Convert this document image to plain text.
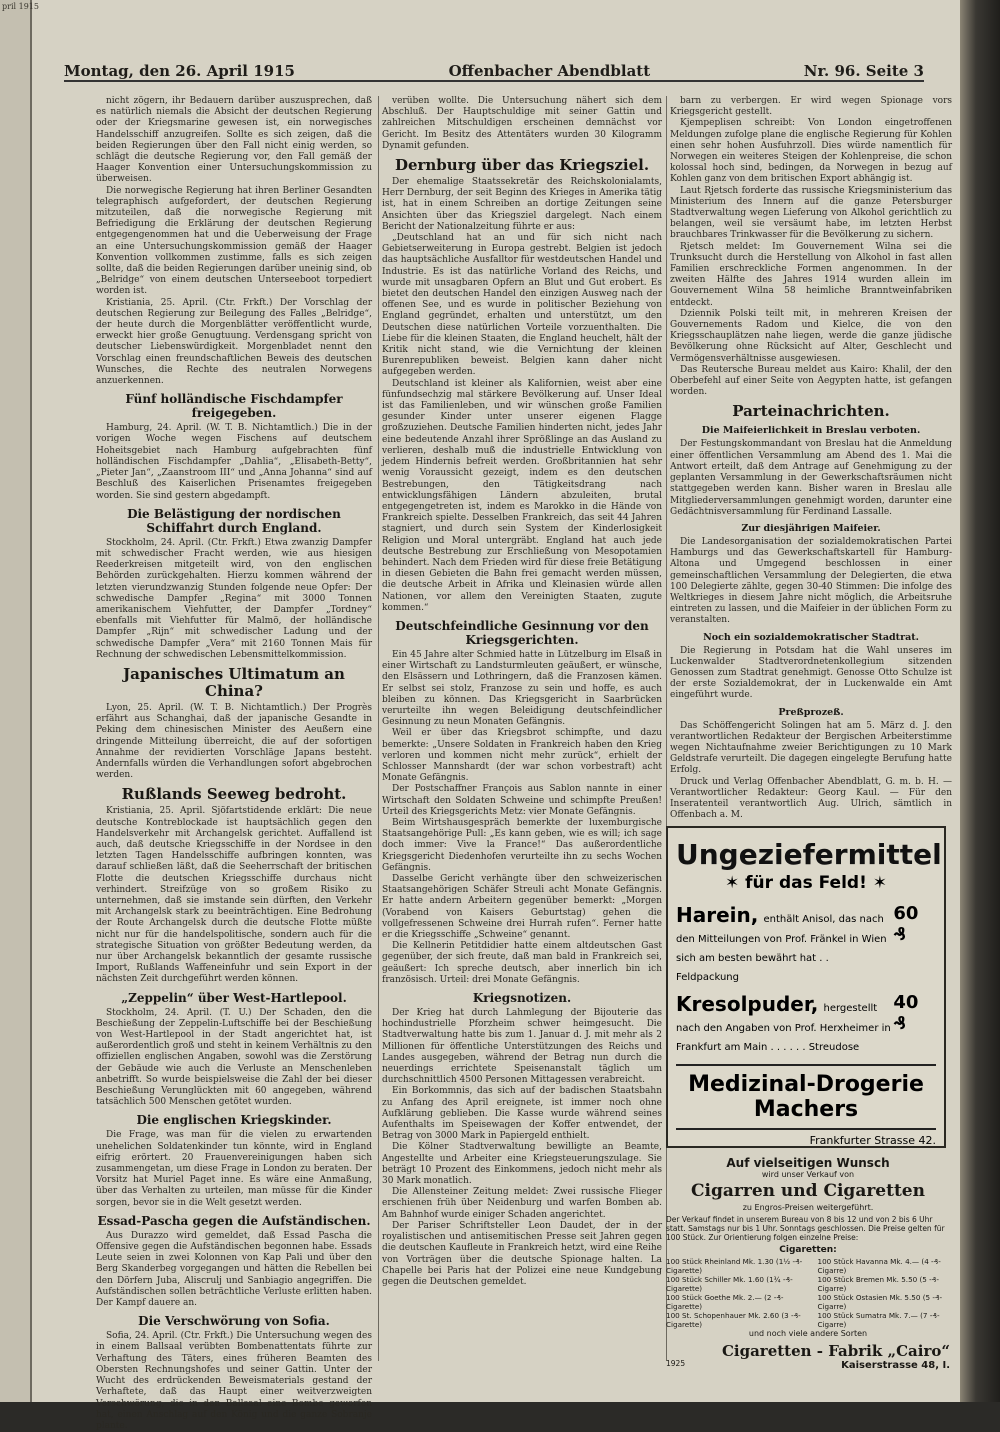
pril 1915
Montag, den 26. April 1915	Offenbacher Abendblatt	Nr. 96. Seite 3
nicht zögern, ihr Bedauern darüber auszusprechen, daß es natürlich niemals die Absicht der deutschen Regierung oder der Kriegsmarine gewesen ist, ein norwegisches Handelsschiff anzugreifen. Sollte es sich zeigen, daß die beiden Regierungen über den Fall nicht einig werden, so schlägt die deutsche Regierung vor, den Fall gemäß der Haager Konvention einer Untersuchungskommission zu überweisen.
Die norwegische Regierung hat ihren Berliner Gesandten telegraphisch aufgefordert, der deutschen Regierung mitzuteilen, daß die norwegische Regierung mit Befriedigung die Erklärung der deutschen Regierung entgegengenommen hat und die Ueberweisung der Frage an eine Untersuchungskommission gemäß der Haager Konvention vollkommen zustimme, falls es sich zeigen sollte, daß die beiden Regierungen darüber uneinig sind, ob „Belridge“ von einem deutschen Unterseeboot torpediert worden ist.
Kristiania, 25. April. (Ctr. Frkft.) Der Vorschlag der deutschen Regierung zur Beilegung des Falles „Belridge“, der heute durch die Morgenblätter veröffentlicht wurde, erweckt hier große Genugtuung. Verdensgang spricht von deutscher Liebenswürdigkeit. Morgenbladet nennt den Vorschlag einen freundschaftlichen Beweis des deutschen Wunsches, die Rechte des neutralen Norwegens anzuerkennen.
Fünf holländische Fischdampfer freigegeben.
Hamburg, 24. April. (W. T. B. Nichtamtlich.) Die in der vorigen Woche wegen Fischens auf deutschem Hoheitsgebiet nach Hamburg aufgebrachten fünf holländischen Fischdampfer „Dahlia“, „Elisabeth-Betty“, „Pieter Jan“, „Zaanstroom III“ und „Anna Johanna“ sind auf Beschluß des Kaiserlichen Prisenamtes freigegeben worden. Sie sind gestern abgedampft.
Die Belästigung der nordischen Schiffahrt durch England.
Stockholm, 24. April. (Ctr. Frkft.) Etwa zwanzig Dampfer mit schwedischer Fracht werden, wie aus hiesigen Reederkreisen mitgeteilt wird, von den englischen Behörden zurückgehalten. Hierzu kommen während der letzten vierundzwanzig Stunden folgende neue Opfer: Der schwedische Dampfer „Regina“ mit 3000 Tonnen amerikanischem Viehfutter, der Dampfer „Tordney“ ebenfalls mit Viehfutter für Malmö, der holländische Dampfer „Rijn“ mit schwedischer Ladung und der schwedische Dampfer „Vera“ mit 2160 Tonnen Mais für Rechnung der schwedischen Lebensmittelkommission.
Japanisches Ultimatum an China?
Lyon, 25. April. (W. T. B. Nichtamtlich.) Der Progrès erfährt aus Schanghai, daß der japanische Gesandte in Peking dem chinesischen Minister des Aeußern eine dringende Mitteilung überreicht, die auf der sofortigen Annahme der revidierten Vorschläge Japans besteht. Andernfalls würden die Verhandlungen sofort abgebrochen werden.
Rußlands Seeweg bedroht.
Kristiania, 25. April. Sjöfartstidende erklärt: Die neue deutsche Kontreblockade ist hauptsächlich gegen den Handelsverkehr mit Archangelsk gerichtet. Auffallend ist auch, daß deutsche Kriegsschiffe in der Nordsee in den letzten Tagen Handelsschiffe aufbringen konnten, was darauf schließen läßt, daß die Seeherrschaft der britischen Flotte die deutschen Kriegsschiffe durchaus nicht verhindert. Streifzüge von so großem Risiko zu unternehmen, daß sie imstande sein dürften, den Verkehr mit Archangelsk stark zu beeinträchtigen. Eine Bedrohung der Route Archangelsk durch die deutsche Flotte müßte nicht nur für die handelspolitische, sondern auch für die strategische Situation von größter Bedeutung werden, da nur über Archangelsk bekanntlich der gesamte russische Import, Rußlands Waffeneinfuhr und sein Export in der nächsten Zeit durchgeführt werden können.
„Zeppelin“ über West-Hartlepool.
Stockholm, 24. April. (T. U.) Der Schaden, den die Beschießung der Zeppelin-Luftschiffe bei der Beschießung von West-Hartlepool in der Stadt angerichtet hat, ist außerordentlich groß und steht in keinem Verhältnis zu den offiziellen englischen Angaben, sowohl was die Zerstörung der Gebäude wie auch die Verluste an Menschenleben anbetrifft. So wurde beispielsweise die Zahl der bei dieser Beschießung Verunglückten mit 60 angegeben, während tatsächlich 500 Menschen getötet wurden.
Die englischen Kriegskinder.
Die Frage, was man für die vielen zu erwartenden unehelichen Soldatenkinder tun könnte, wird in England eifrig erörtert. 20 Frauenvereinigungen haben sich zusammengetan, um diese Frage in London zu beraten. Der Vorsitz hat Muriel Paget inne. Es wäre eine Anmaßung, über das Verhalten zu urteilen, man müsse für die Kinder sorgen, bevor sie in die Welt gesetzt werden.
Essad-Pascha gegen die Aufständischen.
Aus Durazzo wird gemeldet, daß Essad Pascha die Offensive gegen die Aufständischen begonnen habe. Essads Leute seien in zwei Kolonnen von Kap Pali und über den Berg Skanderbeg vorgegangen und hätten die Rebellen bei den Dörfern Juba, Aliscrulj und Sanbiagio angegriffen. Die Aufständischen sollen beträchtliche Verluste erlitten haben. Der Kampf dauere an.
Die Verschwörung von Sofia.
Sofia, 24. April. (Ctr. Frkft.) Die Untersuchung wegen des in einem Ballsaal verübten Bombenattentats führte zur Verhaftung des Täters, eines früheren Beamten des Obersten Rechnungshofes und seiner Gattin. Unter der Wucht des erdrückenden Beweismaterials gestand der Verhaftete, daß das Haupt einer weitverzweigten Verschwörung, die in den Ballsaal eine Bombe geworfen hat, einen Anschlag auf den König und die ganze Sobranje plante.
verüben wollte. Die Untersuchung nähert sich dem Abschluß. Der Hauptschuldige mit seiner Gattin und zahlreichen Mitschuldigen erscheinen demnächst vor Gericht. Im Besitz des Attentäters wurden 30 Kilogramm Dynamit gefunden.
Dernburg über das Kriegsziel.
Der ehemalige Staatssekretär des Reichskolonialamts, Herr Dernburg, der seit Beginn des Krieges in Amerika tätig ist, hat in einem Schreiben an dortige Zeitungen seine Ansichten über das Kriegsziel dargelegt. Nach einem Bericht der Nationalzeitung führte er aus:
„Deutschland hat an und für sich nicht nach Gebietserweiterung in Europa gestrebt. Belgien ist jedoch das hauptsächliche Ausfalltor für westdeutschen Handel und Industrie. Es ist das natürliche Vorland des Reichs, und wurde mit unsagbaren Opfern an Blut und Gut erobert. Es bietet den deutschen Handel den einzigen Ausweg nach der offenen See, und es wurde in politischer Beziehung von England gegründet, erhalten und unterstützt, um den Deutschen diese natürlichen Vorteile vorzuenthalten. Die Liebe für die kleinen Staaten, die England heuchelt, hält der Kritik nicht stand, wie die Vernichtung der kleinen Burenrepubliken beweist. Belgien kann daher nicht aufgegeben werden.
Deutschland ist kleiner als Kalifornien, weist aber eine fünfundsechzig mal stärkere Bevölkerung auf. Unser Ideal ist das Familienleben, und wir wünschen große Familien gesunder Kinder unter unserer eigenen Flagge großzuziehen. Deutsche Familien hinderten nicht, jedes Jahr eine bedeutende Anzahl ihrer Sprößlinge an das Ausland zu verlieren, deshalb muß die industrielle Entwicklung von jedem Hindernis befreit werden. Großbritannien hat sehr wenig Voraussicht gezeigt, indem es den deutschen Bestrebungen, den Tätigkeitsdrang nach entwicklungsfähigen Ländern abzuleiten, brutal entgegengetreten ist, indem es Marokko in die Hände von Frankreich spielte. Desselben Frankreich, das seit 44 Jahren stagniert, und durch sein System der Kinderlosigkeit Religion und Moral untergräbt. England hat auch jede deutsche Bestrebung zur Erschließung von Mesopotamien behindert. Nach dem Frieden wird für diese freie Betätigung in diesen Gebieten die Bahn frei gemacht werden müssen, die deutsche Arbeit in Afrika und Kleinasien würde allen Nationen, vor allem den Vereinigten Staaten, zugute kommen.“
Deutschfeindliche Gesinnung vor den Kriegsgerichten.
Ein 45 Jahre alter Schmied hatte in Lützelburg im Elsaß in einer Wirtschaft zu Landsturmleuten geäußert, er wünsche, den Elsässern und Lothringern, daß die Franzosen kämen. Er selbst sei stolz, Franzose zu sein und hoffe, es auch bleiben zu können. Das Kriegsgericht in Saarbrücken verurteilte ihn wegen Beleidigung deutschfeindlicher Gesinnung zu neun Monaten Gefängnis.
Weil er über das Kriegsbrot schimpfte, und dazu bemerkte: „Unsere Soldaten in Frankreich haben den Krieg verloren und kommen nicht mehr zurück“, erhielt der Schlosser Mannshardt (der war schon vorbestraft) acht Monate Gefängnis.
Der Postschaffner François aus Sablon nannte in einer Wirtschaft den Soldaten Schweine und schimpfte Preußen! Urteil des Kriegsgerichts Metz: vier Monate Gefängnis.
Beim Wirtshausgespräch bemerkte der luxemburgische Staatsangehörige Pull: „Es kann geben, wie es will; ich sage doch immer: Vive la France!“ Das außerordentliche Kriegsgericht Diedenhofen verurteilte ihn zu sechs Wochen Gefängnis.
Dasselbe Gericht verhängte über den schweizerischen Staatsangehörigen Schäfer Streuli acht Monate Gefängnis. Er hatte andern Arbeitern gegenüber bemerkt: „Morgen (Vorabend von Kaisers Geburtstag) gehen die vollgefressenen Schweine drei Hurrah rufen“. Ferner hatte er die Kriegsschiffe „Schweine“ genannt.
Die Kellnerin Petitdidier hatte einem altdeutschen Gast gegenüber, der sich freute, daß man bald in Frankreich sei, geäußert: Ich spreche deutsch, aber innerlich bin ich französisch. Urteil: drei Monate Gefängnis.
Kriegsnotizen.
Der Krieg hat durch Lahmlegung der Bijouterie das hochindustrielle Pforzheim schwer heimgesucht. Die Stadtverwaltung hatte bis zum 1. Januar d. J. mit mehr als 2 Millionen für öffentliche Unterstützungen des Reichs und Landes ausgegeben, während der Betrag nun durch die neuerdings errichtete Speisenanstalt täglich um durchschnittlich 4500 Personen Mittagessen verabreicht.
Ein Borkommnis, das sich auf der badischen Staatsbahn zu Anfang des April ereignete, ist immer noch ohne Aufklärung geblieben. Die Kasse wurde während seines Aufenthalts im Speisewagen der Koffer entwendet, der Betrag von 3000 Mark in Papiergeld enthielt.
Die Kölner Stadtverwaltung bewilligte an Beamte, Angestellte und Arbeiter eine Kriegsteuerungszulage. Sie beträgt 10 Prozent des Einkommens, jedoch nicht mehr als 30 Mark monatlich.
Die Allensteiner Zeitung meldet: Zwei russische Flieger erschienen früh über Neidenburg und warfen Bomben ab. Am Bahnhof wurde einiger Schaden angerichtet.
Der Pariser Schriftsteller Leon Daudet, der in der royalistischen und antisemitischen Presse seit Jahren gegen die deutschen Kaufleute in Frankreich hetzt, wird eine Reihe von Vorträgen über die deutsche Spionage halten. La Chapelle bei Paris hat der Polizei eine neue Kundgebung gegen die Deutschen gemeldet.
barn zu verbergen. Er wird wegen Spionage vors Kriegsgericht gestellt.
Kjempeplisen schreibt: Von London eingetroffenen Meldungen zufolge plane die englische Regierung für Kohlen einen sehr hohen Ausfuhrzoll. Dies würde namentlich für Norwegen ein weiteres Steigen der Kohlenpreise, die schon kolossal hoch sind, bedingen, da Norwegen in bezug auf Kohlen ganz von dem britischen Export abhängig ist.
Laut Rjetsch forderte das russische Kriegsministerium das Ministerium des Innern auf die ganze Petersburger Stadtverwaltung wegen Lieferung von Alkohol gerichtlich zu belangen, weil sie versäumt habe, im letzten Herbst brauchbares Trinkwasser für die Bevölkerung zu sichern.
Rjetsch meldet: Im Gouvernement Wilna sei die Trunksucht durch die Herstellung von Alkohol in fast allen Familien erschreckliche Formen angenommen. In der zweiten Hälfte des Jahres 1914 wurden allein im Gouvernement Wilna 58 heimliche Branntweinfabriken entdeckt.
Dziennik Polski teilt mit, in mehreren Kreisen der Gouvernements Radom und Kielce, die von den Kriegsschauplätzen nahe liegen, werde die ganze jüdische Bevölkerung ohne Rücksicht auf Alter, Geschlecht und Vermögensverhältnisse ausgewiesen.
Das Reutersche Bureau meldet aus Kairo: Khalil, der den Oberbefehl auf einer Seite von Aegypten hatte, ist gefangen worden.
Parteinachrichten.
Die Maifeierlichkeit in Breslau verboten.
Der Festungskommandant von Breslau hat die Anmeldung einer öffentlichen Versammlung am Abend des 1. Mai die Antwort erteilt, daß dem Antrage auf Genehmigung zu der geplanten Versammlung in der Gewerkschaftsräumen nicht stattgegeben werden kann. Bisher waren in Breslau alle Mitgliederversammlungen genehmigt worden, darunter eine Gedächtnisversammlung für Ferdinand Lassalle.
Zur diesjährigen Maifeier.
Die Landesorganisation der sozialdemokratischen Partei Hamburgs und das Gewerkschaftskartell für Hamburg-Altona und Umgegend beschlossen in einer gemeinschaftlichen Versammlung der Delegierten, die etwa 100 Delegierte zählte, gegen 30-40 Stimmen: Die infolge des Weltkrieges in diesem Jahre nicht möglich, die Arbeitsruhe eintreten zu lassen, und die Maifeier in der üblichen Form zu veranstalten.
Noch ein sozialdemokratischer Stadtrat.
Die Regierung in Potsdam hat die Wahl unseres im Luckenwalder Stadtverordnetenkollegium sitzenden Genossen zum Stadtrat genehmigt. Genosse Otto Schulze ist der erste Sozialdemokrat, der in Luckenwalde ein Amt eingeführt wurde.
Preßprozeß.
Das Schöffengericht Solingen hat am 5. März d. J. den verantwortlichen Redakteur der Bergischen Arbeiterstimme wegen Nichtaufnahme zweier Berichtigungen zu 10 Mark Geldstrafe verurteilt. Die dagegen eingelegte Berufung hatte Erfolg.
Druck und Verlag Offenbacher Abendblatt, G. m. b. H. — Verantwortlicher Redakteur: Georg Kaul. — Für den Inseratenteil verantwortlich Aug. Ulrich, sämtlich in Offenbach a. M.
Ungeziefermittel
✶ für das Feld! ✶
Harein, enthält Anisol, das nach den Mitteilungen von Prof. Fränkel in Wien sich am besten bewährt hat . . Feldpackung
60 ₰
Kresolpuder, hergestellt nach den Angaben von Prof. Herxheimer in Frankfurt am Main . . . . . . Streudose
40 ₰
Medizinal-Drogerie Machers
Frankfurter Strasse 42.
Auf vielseitigen Wunsch
wird unser Verkauf von
Cigarren und Cigaretten
zu Engros-Preisen weitergeführt.
Der Verkauf findet in unserem Bureau von 8 bis 12 und von 2 bis 6 Uhr statt. Samstags nur bis 1 Uhr. Sonntags geschlossen. Die Preise gelten für 100 Stück. Zur Orientierung folgen einzelne Preise:
Cigaretten:
100 Stück Rheinland Mk. 1.30 (1½ -₰-Cigarette)	100 Stück Havanna Mk. 4.— (4 -₰-Cigarre)
100 Stück Schiller Mk. 1.60 (1¾ -₰-Cigarette)	100 Stück Bremen Mk. 5.50 (5 -₰-Cigarre)
100 Stück Goethe Mk. 2.— (2 -₰-Cigarette)	100 Stück Ostasien Mk. 5.50 (5 -₰-Cigarre)
100 St. Schopenhauer Mk. 2.60 (3 -₰-Cigarette)	100 Stück Sumatra Mk. 7.— (7 -₰-Cigarre)
und noch viele andere Sorten
1925
Cigaretten - Fabrik „Cairo“
Kaiserstrasse 48, I.
